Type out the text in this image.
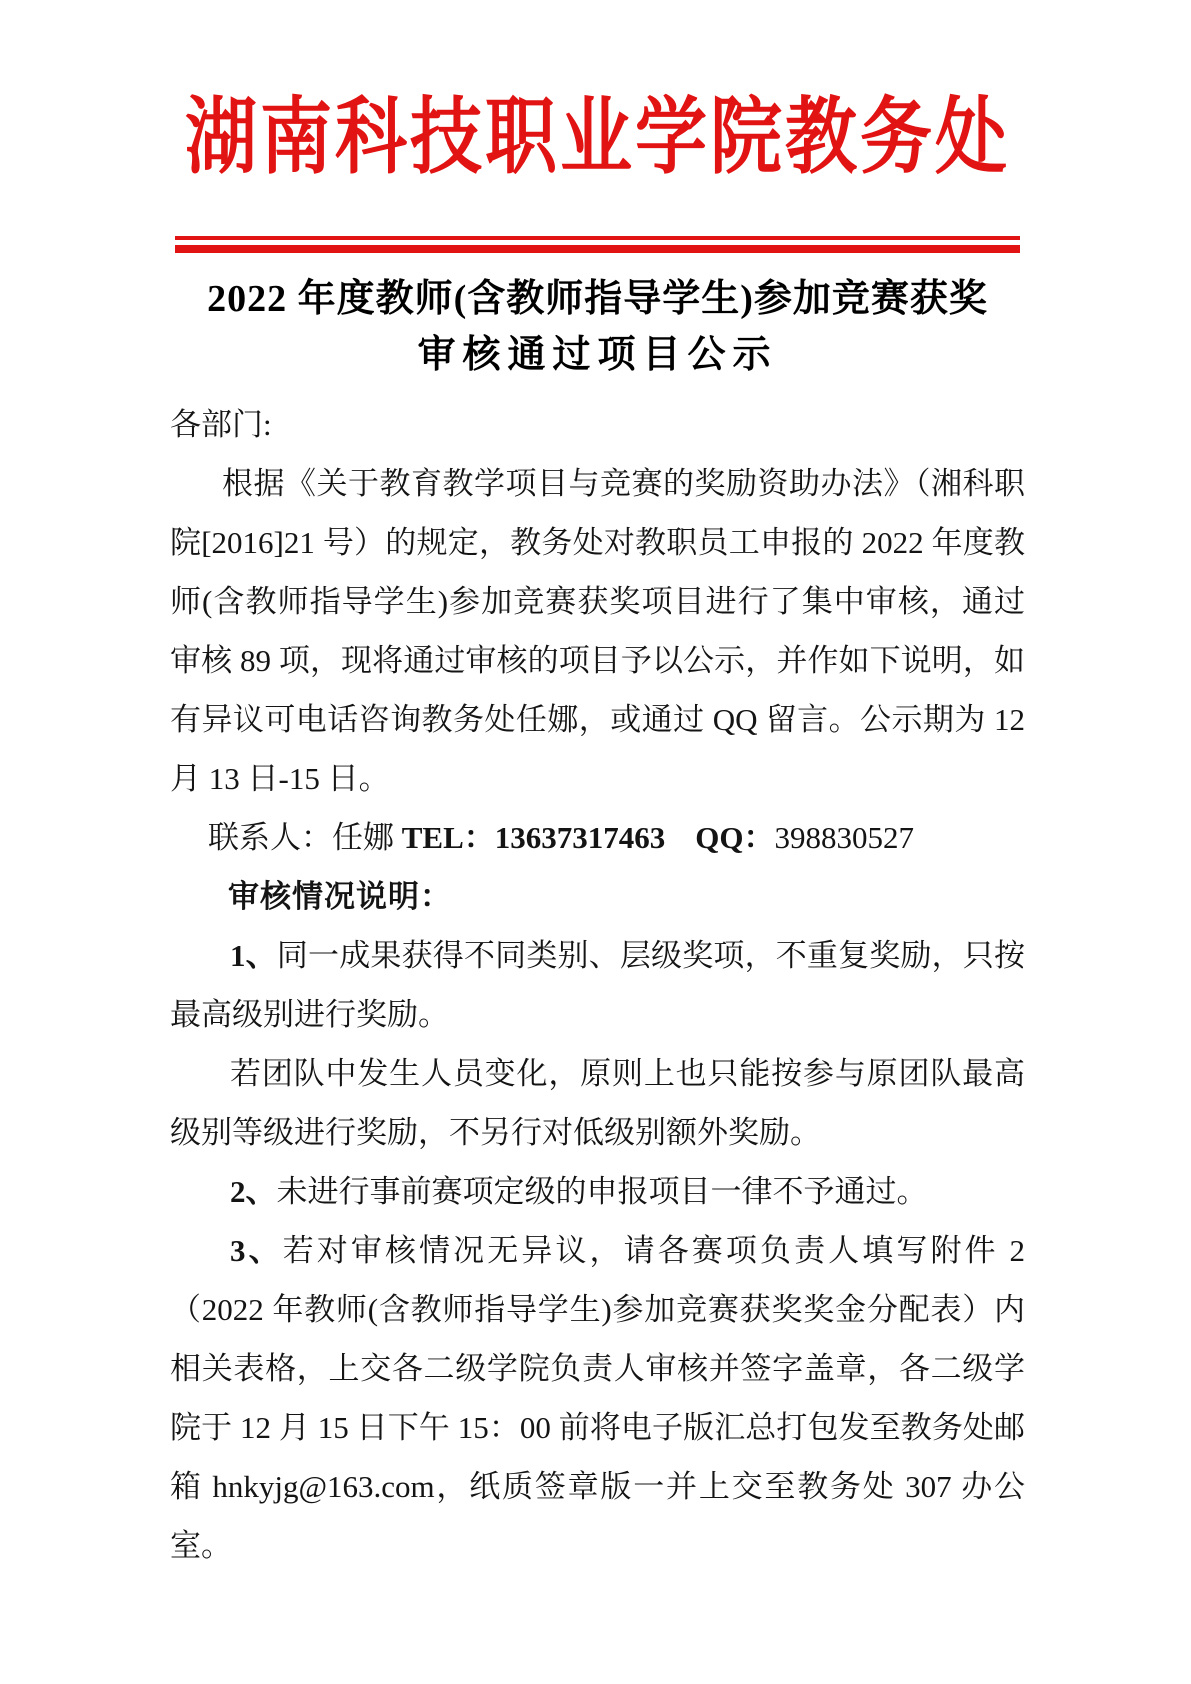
湖南科技职业学院教务处
2022 年度教师(含教师指导学生)参加竞赛获奖
审核通过项目公示

各部门:

根据《关于教育教学项目与竞赛的奖励资助办法》（湘科职院[2016]21 号）的规定，教务处对教职员工申报的 2022 年度教师(含教师指导学生)参加竞赛获奖项目进行了集中审核，通过审核 89 项，现将通过审核的项目予以公示，并作如下说明，如有异议可电话咨询教务处任娜，或通过 QQ 留言。公示期为 12 月 13 日-15 日。

联系人：任娜 TEL：13637317463 QQ：398830527

审核情况说明：

1、同一成果获得不同类别、层级奖项，不重复奖励，只按最高级别进行奖励。

若团队中发生人员变化，原则上也只能按参与原团队最高级别等级进行奖励，不另行对低级别额外奖励。

2、未进行事前赛项定级的申报项目一律不予通过。

3、若对审核情况无异议，请各赛项负责人填写附件 2（2022 年教师(含教师指导学生)参加竞赛获奖奖金分配表）内相关表格，上交各二级学院负责人审核并签字盖章，各二级学院于 12 月 15 日下午 15：00 前将电子版汇总打包发至教务处邮箱 hnkyjg@163.com，纸质签章版一并上交至教务处 307 办公室。
